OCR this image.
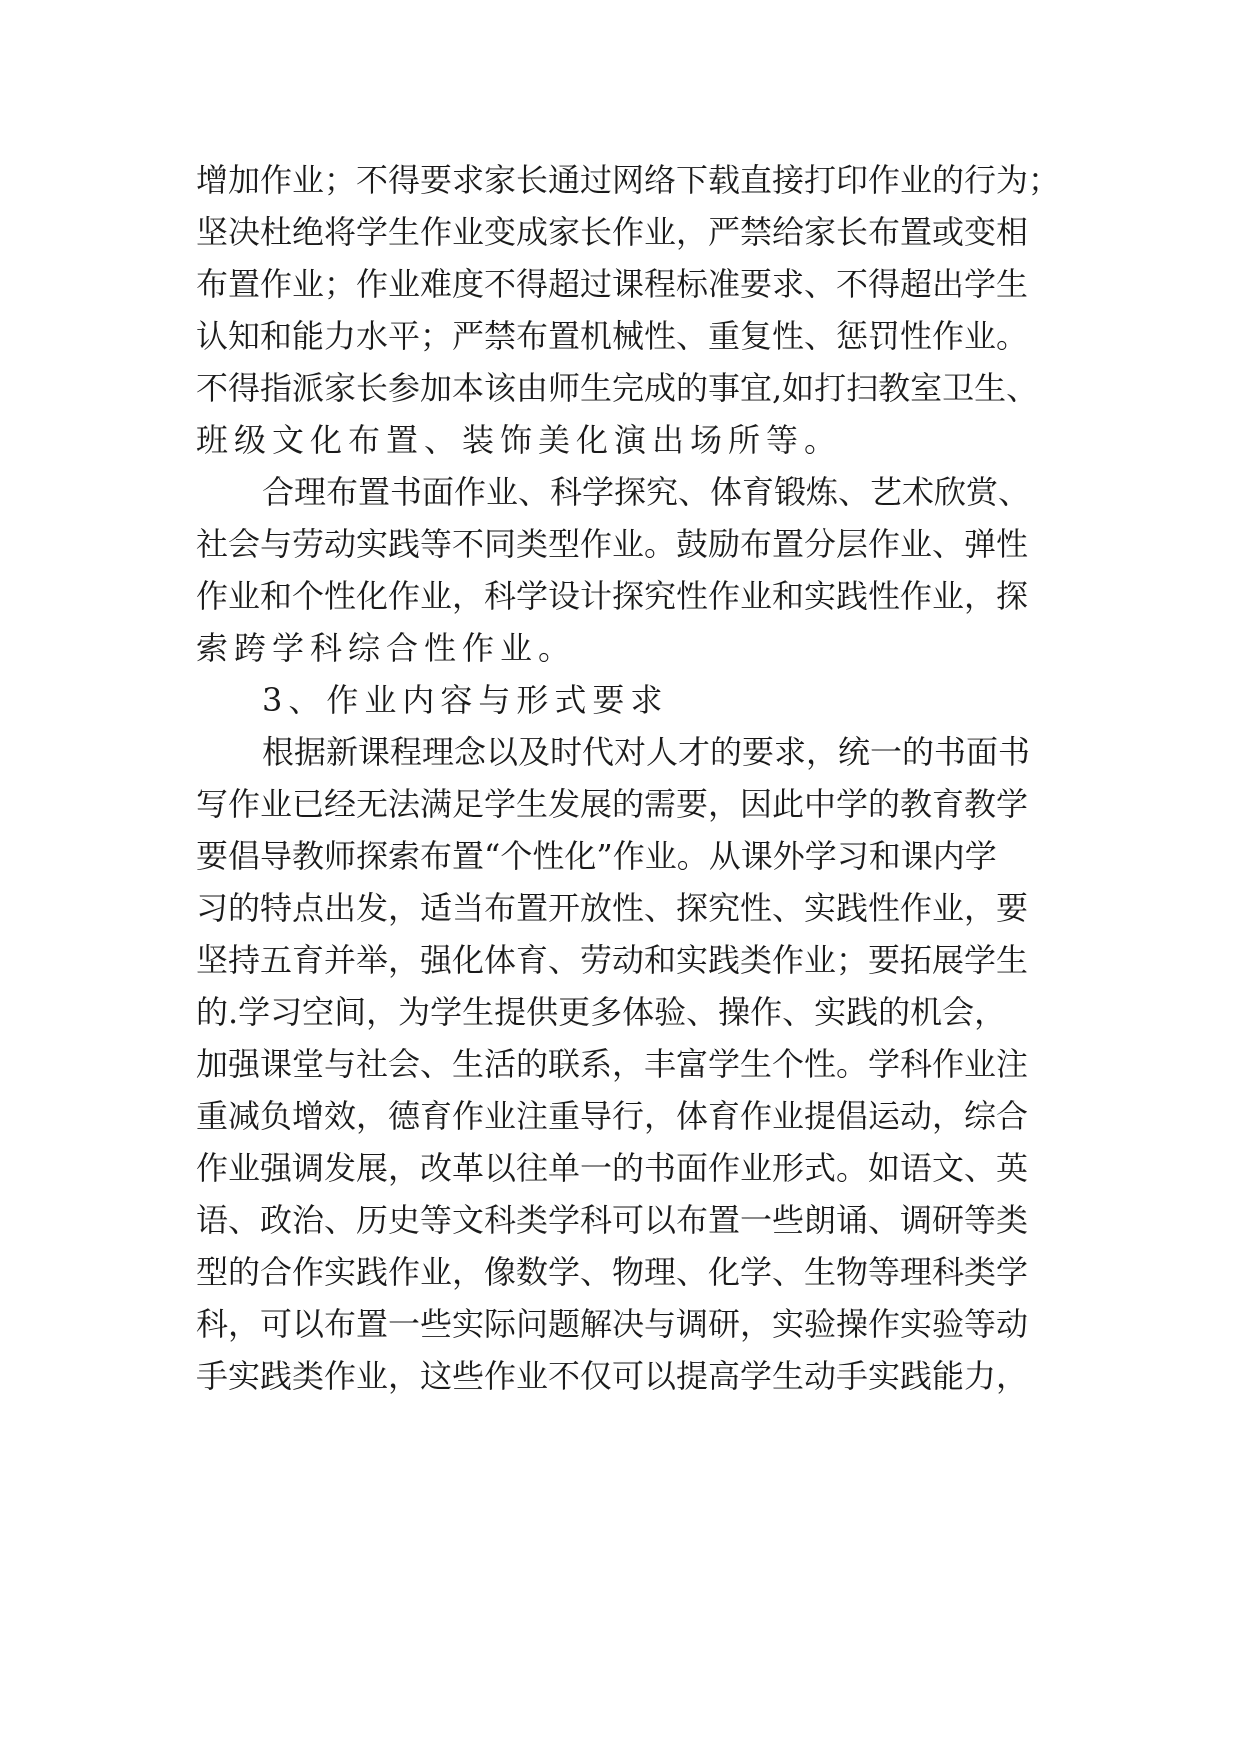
增加作业；不得要求家长通过网络下载直接打印作业的行为；
坚决杜绝将学生作业变成家长作业，严禁给家长布置或变相
布置作业；作业难度不得超过课程标准要求、不得超出学生
认知和能力水平；严禁布置机械性、重复性、惩罚性作业。
不得指派家长参加本该由师生完成的事宜,如打扫教室卫生、
班级文化布置、装饰美化演出场所等。
合理布置书面作业、科学探究、体育锻炼、艺术欣赏、
社会与劳动实践等不同类型作业。鼓励布置分层作业、弹性
作业和个性化作业，科学设计探究性作业和实践性作业，探
索跨学科综合性作业。
3、作业内容与形式要求
根据新课程理念以及时代对人才的要求，统一的书面书
写作业已经无法满足学生发展的需要，因此中学的教育教学
要倡导教师探索布置“个性化”作业。从课外学习和课内学
习的特点出发，适当布置开放性、探究性、实践性作业，要
坚持五育并举，强化体育、劳动和实践类作业；要拓展学生
的.学习空间，为学生提供更多体验、操作、实践的机会，
加强课堂与社会、生活的联系，丰富学生个性。学科作业注
重减负增效，德育作业注重导行，体育作业提倡运动，综合
作业强调发展，改革以往单一的书面作业形式。如语文、英
语、政治、历史等文科类学科可以布置一些朗诵、调研等类
型的合作实践作业，像数学、物理、化学、生物等理科类学
科，可以布置一些实际问题解决与调研，实验操作实验等动
手实践类作业，这些作业不仅可以提高学生动手实践能力，
